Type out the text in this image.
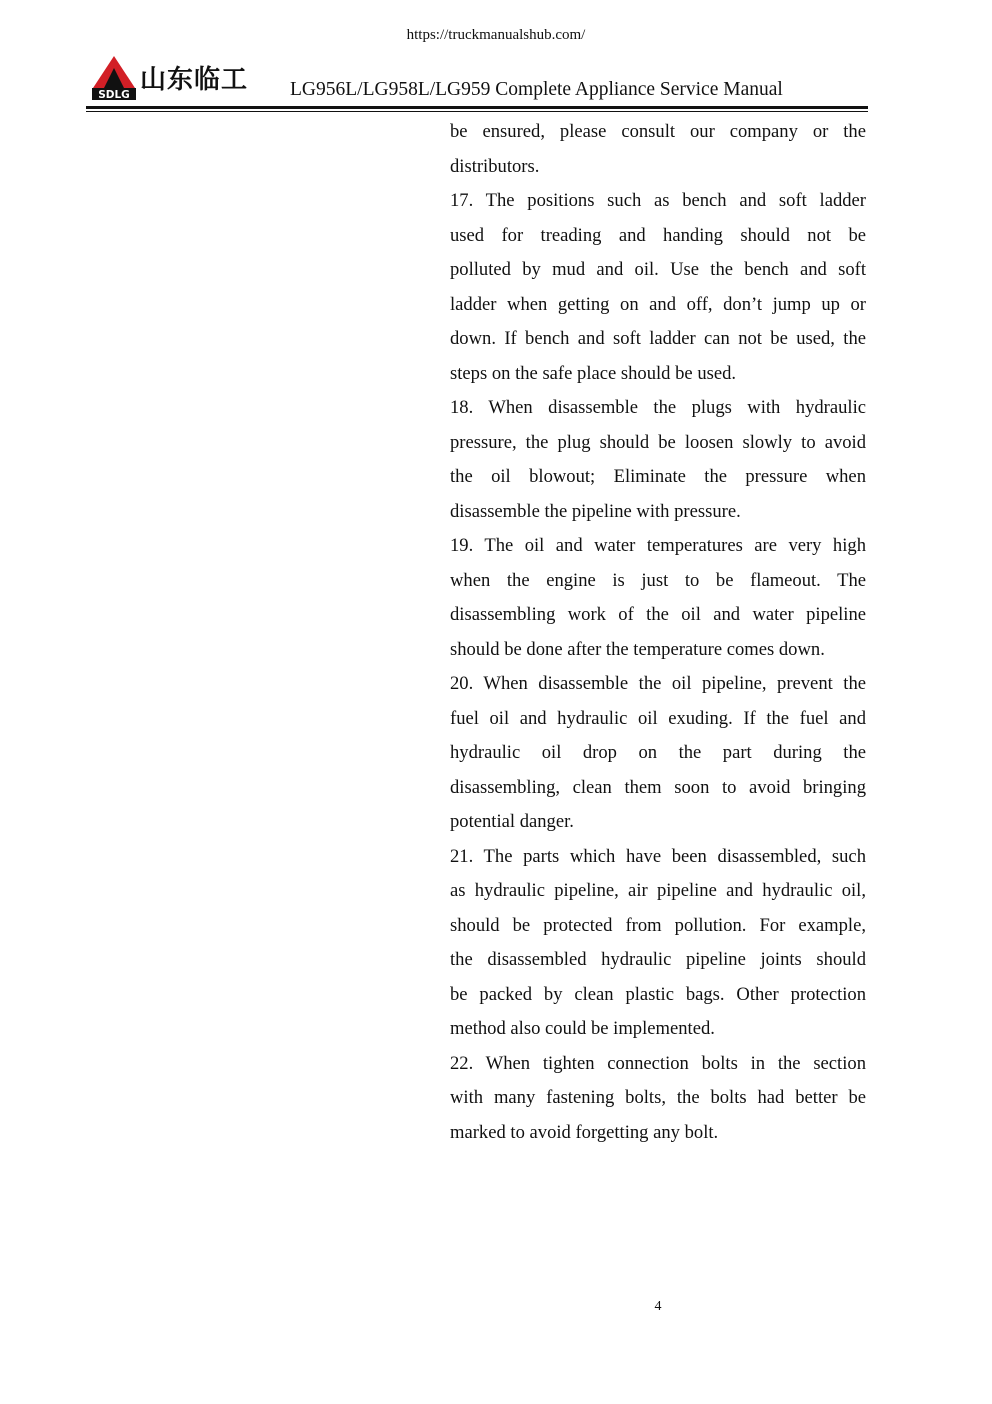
https://truckmanualshub.com/
SDLG 山东临工 LG956L/LG958L/LG959 Complete Appliance Service Manual
be ensured, please consult our company or the
distributors.
17. The positions such as bench and soft ladder
used for treading and handing should not be
polluted by mud and oil. Use the bench and soft
ladder when getting on and off, don’t jump up or
down. If bench and soft ladder can not be used, the
steps on the safe place should be used.
18. When disassemble the plugs with hydraulic
pressure, the plug should be loosen slowly to avoid
the oil blowout; Eliminate the pressure when
disassemble the pipeline with pressure.
19. The oil and water temperatures are very high
when the engine is just to be flameout. The
disassembling work of the oil and water pipeline
should be done after the temperature comes down.
20. When disassemble the oil pipeline, prevent the
fuel oil and hydraulic oil exuding. If the fuel and
hydraulic oil drop on the part during the
disassembling, clean them soon to avoid bringing
potential danger.
21. The parts which have been disassembled, such
as hydraulic pipeline, air pipeline and hydraulic oil,
should be protected from pollution. For example,
the disassembled hydraulic pipeline joints should
be packed by clean plastic bags. Other protection
method also could be implemented.
22. When tighten connection bolts in the section
with many fastening bolts, the bolts had better be
marked to avoid forgetting any bolt.
4
